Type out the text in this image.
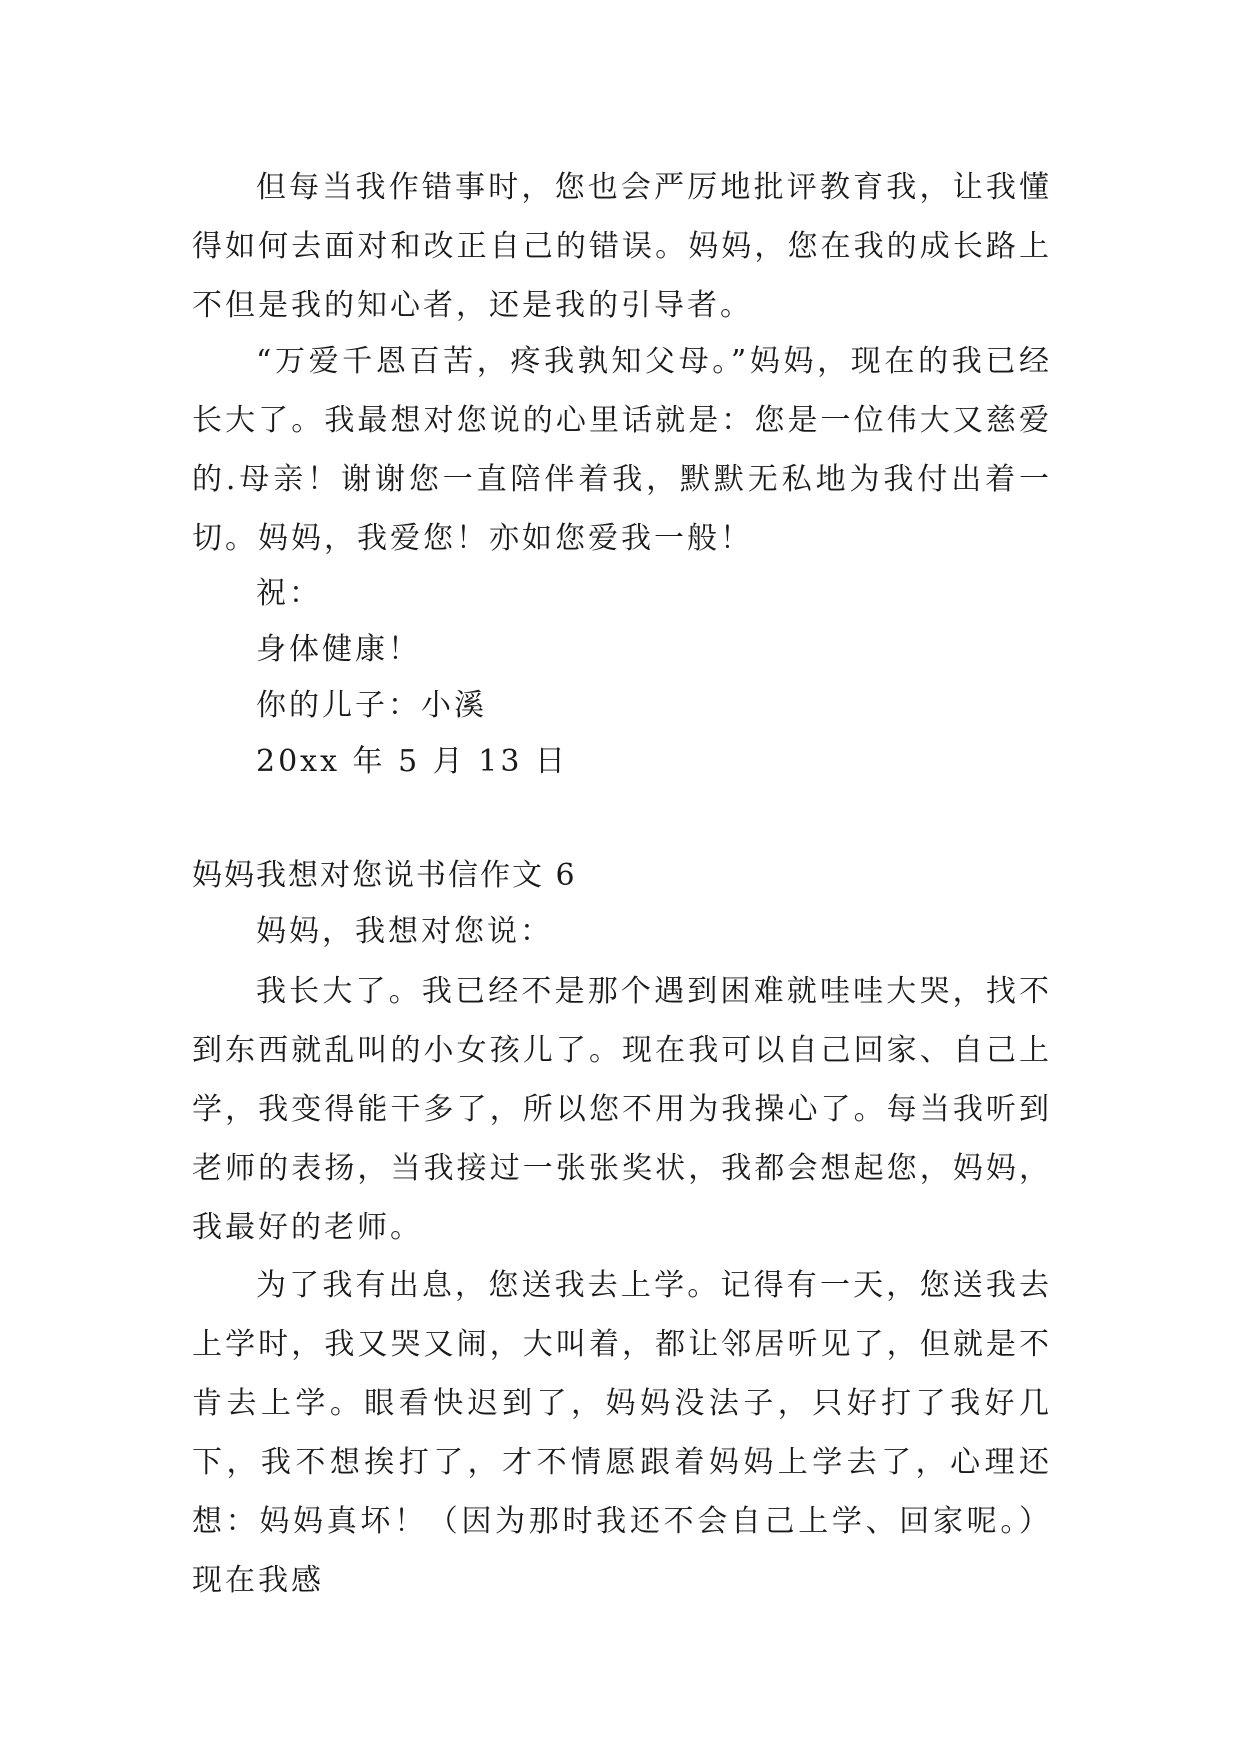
但每当我作错事时，您也会严厉地批评教育我，让我懂得如何去面对和改正自己的错误。妈妈，您在我的成长路上不但是我的知心者，还是我的引导者。

“万爱千恩百苦，疼我孰知父母。”妈妈，现在的我已经长大了。我最想对您说的心里话就是：您是一位伟大又慈爱的.母亲！谢谢您一直陪伴着我，默默无私地为我付出着一切。妈妈，我爱您！亦如您爱我一般！

祝：

身体健康！

你的儿子：小溪

20xx 年 5 月 13 日

妈妈我想对您说书信作文 6

妈妈，我想对您说：

我长大了。我已经不是那个遇到困难就哇哇大哭，找不到东西就乱叫的小女孩儿了。现在我可以自己回家、自己上学，我变得能干多了，所以您不用为我操心了。每当我听到老师的表扬，当我接过一张张奖状，我都会想起您，妈妈，我最好的老师。

为了我有出息，您送我去上学。记得有一天，您送我去上学时，我又哭又闹，大叫着，都让邻居听见了，但就是不肯去上学。眼看快迟到了，妈妈没法子，只好打了我好几下，我不想挨打了，才不情愿跟着妈妈上学去了，心理还想：妈妈真坏！（因为那时我还不会自己上学、回家呢。）现在我感
